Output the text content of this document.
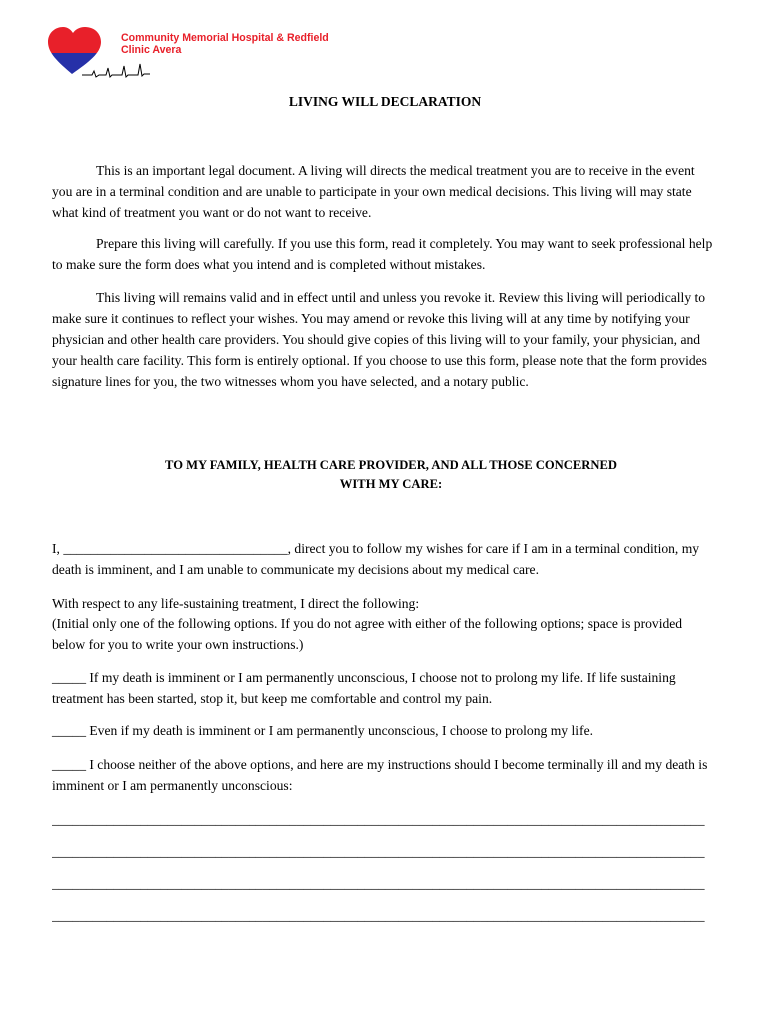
Community Memorial Hospital & Redfield
Clinic Avera
LIVING WILL DECLARATION

This is an important legal document. A living will directs the medical treatment you are to receive in the event you are in a terminal condition and are unable to participate in your own medical decisions. This living will may state what kind of treatment you want or do not want to receive.

Prepare this living will carefully. If you use this form, read it completely. You may want to seek professional help to make sure the form does what you intend and is completed without mistakes.

This living will remains valid and in effect until and unless you revoke it. Review this living will periodically to make sure it continues to reflect your wishes. You may amend or revoke this living will at any time by notifying your physician and other health care providers. You should give copies of this living will to your family, your physician, and your health care facility. This form is entirely optional. If you choose to use this form, please note that the form provides signature lines for you, the two witnesses whom you have selected, and a notary public.

TO MY FAMILY, HEALTH CARE PROVIDER, AND ALL THOSE CONCERNED
WITH MY CARE:

I, _________________________________, direct you to follow my wishes for care if I am in a terminal condition, my death is imminent, and I am unable to communicate my decisions about my medical care.

With respect to any life-sustaining treatment, I direct the following:

(Initial only one of the following options. If you do not agree with either of the following options; space is provided below for you to write your own instructions.)

_____ If my death is imminent or I am permanently unconscious, I choose not to prolong my life. If life sustaining treatment has been started, stop it, but keep me comfortable and control my pain.

_____ Even if my death is imminent or I am permanently unconscious, I choose to prolong my life.

_____ I choose neither of the above options, and here are my instructions should I become terminally ill and my death is imminent or I am permanently unconscious:

________________________________________________________________________________________________
________________________________________________________________________________________________
________________________________________________________________________________________________
________________________________________________________________________________________________
